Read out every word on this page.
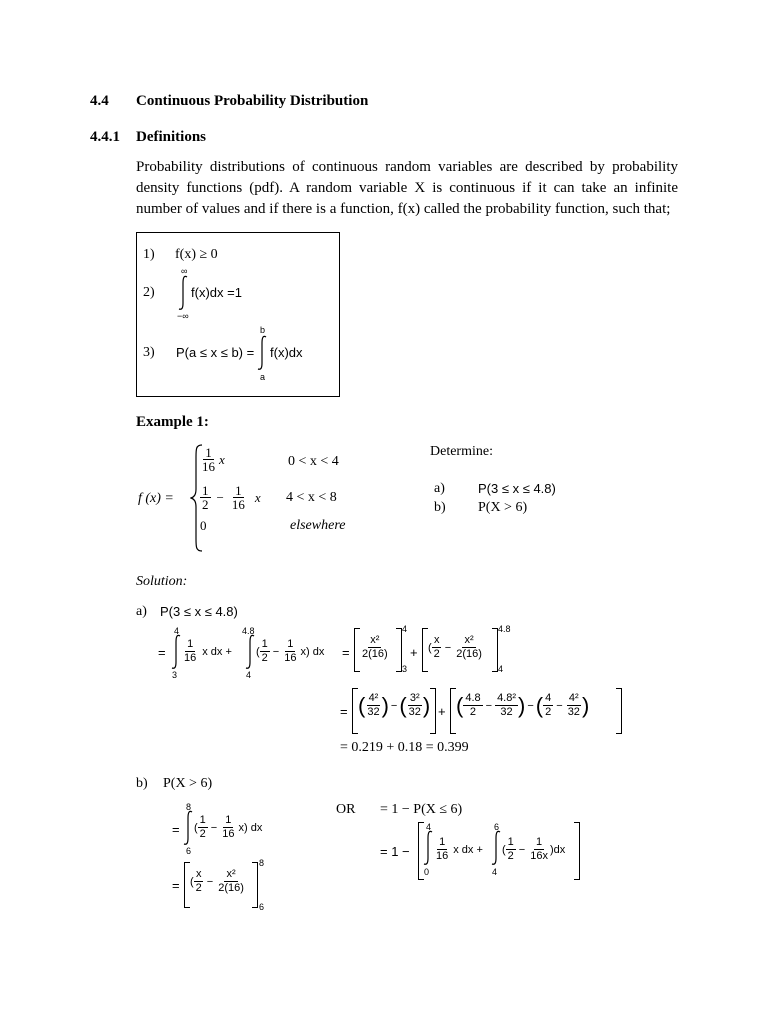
4.4 Continuous Probability Distribution
4.4.1 Definitions
Probability distributions of continuous random variables are described by probability density functions (pdf). A random variable X is continuous if it can take an infinite number of values and if there is a function, f(x) called the probability function, such that;
1) f(x) ≥ 0
2)
∞
−∞
f(x)dx =1
3) P(a ≤ x ≤ b) =
b
a
f(x)dx
Example 1:
f (x) =
$\frac{1}{16}$ x	0 < x < 4
$\frac{1}{2} - \frac{1}{16}$ x 4 < x < 8
0	elsewhere
Determine:
a)	P(3 ≤ x ≤ 4.8)
b) P(X > 6)
Solution:
a) P(3 ≤ x ≤ 4.8)
=
4
3
$\frac{1}{16}$ x dx +
4.8
4
( $\frac{1}{2} - \frac{1}{16} x$) dx = $\frac{\text{x²}}{2(16)}$
4
3
+ ( $\frac{x}{2} - \frac{\text{x²}}{2(16)}$
4.8
4
= ( $\frac{\text{4²}}{32}$ ) − ( $\frac{\text{3²}}{32}$ ) + ( $\frac{4.8}{2} - \frac{\text{4.8²}}{32}$ ) − ( $\frac{4}{2} - \frac{\text{4²}}{32}$ )
= 0.219 + 0.18 = 0.399
b) P(X > 6)
=
8
6
( $\frac{1}{2} - \frac{1}{16} x$) dx
= ( $\frac{x}{2} - \frac{\text{x²}}{2(16)}$
8
6
OR = 1 − P(X ≤ 6)
= 1 −
4
0
$\frac{1}{16}$ x dx +
6
4
( $\frac{1}{2} - \frac{1}{16x} )dx$
